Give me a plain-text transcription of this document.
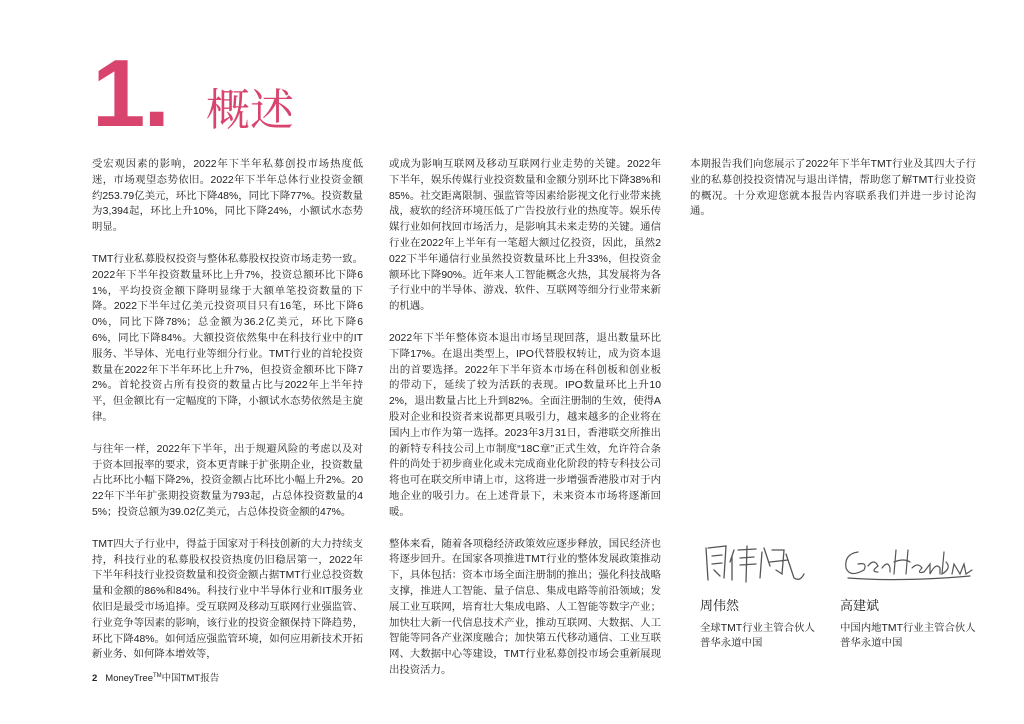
1. 概述

受宏观因素的影响，2022年下半年私募创投市场热度低迷，市场观望态势依旧。2022年下半年总体行业投资金额约253.79亿美元，环比下降48%，同比下降77%。投资数量为3,394起，环比上升10%，同比下降24%，小额试水态势明显。

TMT行业私募股权投资与整体私募股权投资市场走势一致。2022年下半年投资数量环比上升7%，投资总额环比下降61%，平均投资金额下降明显缘于大额单笔投资数量的下降。2022下半年过亿美元投资项目只有16笔，环比下降60%，同比下降78%；总金额为36.2亿美元，环比下降66%，同比下降84%。大额投资依然集中在科技行业中的IT服务、半导体、光电行业等细分行业。TMT行业的首轮投资数量在2022年下半年环比上升7%，但投资金额环比下降72%。首轮投资占所有投资的数量占比与2022年上半年持平，但金额比有一定幅度的下降，小额试水态势依然是主旋律。

与往年一样，2022年下半年，出于规避风险的考虑以及对于资本回报率的要求，资本更青睐于扩张期企业，投资数量占比环比小幅下降2%，投资金额占比环比小幅上升2%。2022年下半年扩张期投资数量为793起，占总体投资数量的45%；投资总额为39.02亿美元，占总体投资金额的47%。

TMT四大子行业中，得益于国家对于科技创新的大力持续支持，科技行业的私募股权投资热度仍旧稳居第一，2022年下半年科技行业投资数量和投资金额占据TMT行业总投资数量和金额的86%和84%。科技行业中半导体行业和IT服务业依旧是最受市场追捧。受互联网及移动互联网行业强监管、行业竞争等因素的影响，该行业的投资金额保持下降趋势，环比下降48%。如何适应强监管环境，如何应用新技术开拓新业务、如何降本增效等，

或成为影响互联网及移动互联网行业走势的关键。2022年下半年，娱乐传媒行业投资数量和金额分别环比下降38%和85%。社交距离限制、强监管等因素给影视文化行业带来挑战，疲软的经济环境压低了广告投放行业的热度等。娱乐传媒行业如何找回市场活力，是影响其未来走势的关键。通信行业在2022年上半年有一笔超大额过亿投资，因此，虽然2022下半年通信行业虽然投资数量环比上升33%，但投资金额环比下降90%。近年来人工智能概念火热，其发展将为各子行业中的半导体、游戏、软件、互联网等细分行业带来新的机遇。

2022年下半年整体资本退出市场呈现回落，退出数量环比下降17%。在退出类型上，IPO代替股权转让，成为资本退出的首要选择。2022年下半年资本市场在科创板和创业板的带动下，延续了较为活跃的表现。IPO数量环比上升102%，退出数量占比上升到82%。全面注册制的生效，使得A股对企业和投资者来说都更具吸引力，越来越多的企业将在国内上市作为第一选择。2023年3月31日，香港联交所推出的新特专科技公司上市制度“18C章”正式生效，允许符合条件的尚处于初步商业化或未完成商业化阶段的特专科技公司将也可在联交所申请上市，这将进一步增强香港股市对于内地企业的吸引力。在上述背景下，未来资本市场将逐渐回暖。

整体来看，随着各项稳经济政策效应逐步释放，国民经济也将逐步回升。在国家各项推进TMT行业的整体发展政策推动下，具体包括：资本市场全面注册制的推出；强化科技战略支撑，推进人工智能、量子信息、集成电路等前沿领域；发展工业互联网，培育壮大集成电路、人工智能等数字产业；加快壮大新一代信息技术产业，推动互联网、大数据、人工智能等同各产业深度融合；加快第五代移动通信、工业互联网、大数据中心等建设，TMT行业私募创投市场会重新展现出投资活力。

本期报告我们向您展示了2022年下半年TMT行业及其四大子行业的私募创投投资情况与退出详情，帮助您了解TMT行业投资的概况。十分欢迎您就本报告内容联系我们并进一步讨论沟通。

周伟然
全球TMT行业主管合伙人
普华永道中国
高建斌
中国内地TMT行业主管合伙人
普华永道中国
2 MoneyTree™中国TMT报告
